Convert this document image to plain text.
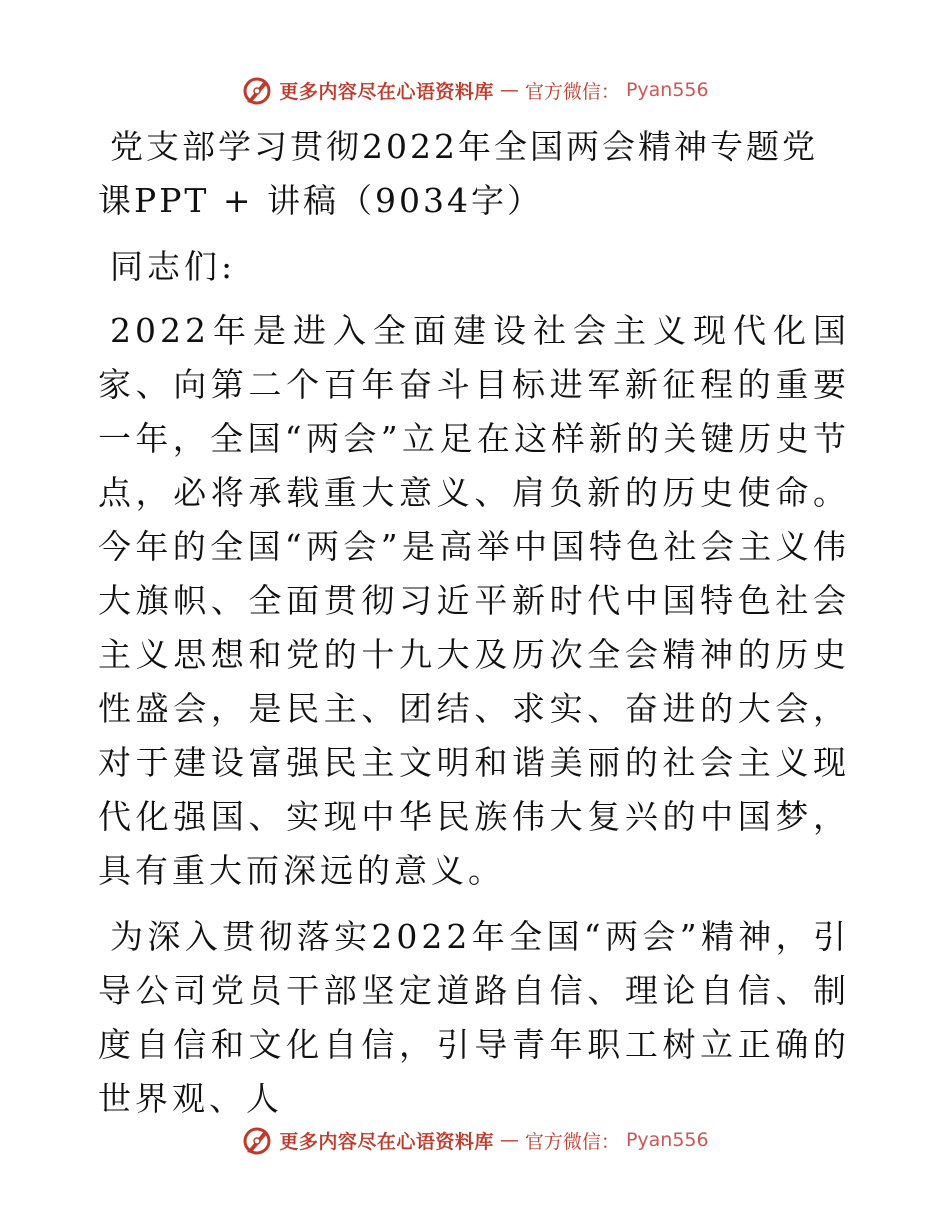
更多内容尽在心语资料库 — 官方微信： Pyan556
党支部学习贯彻2022年全国两会精神专题党课PPT + 讲稿（9034字）

同志们:

2022年是进入全面建设社会主义现代化国家、向第二个百年奋斗目标进军新征程的重要一年，全国“两会”立足在这样新的关键历史节点，必将承载重大意义、肩负新的历史使命。今年的全国“两会”是高举中国特色社会主义伟大旗帜、全面贯彻习近平新时代中国特色社会主义思想和党的十九大及历次全会精神的历史性盛会，是民主、团结、求实、奋进的大会，对于建设富强民主文明和谐美丽的社会主义现代化强国、实现中华民族伟大复兴的中国梦，具有重大而深远的意义。

为深入贯彻落实2022年全国“两会”精神，引导公司党员干部坚定道路自信、理论自信、制度自信和文化自信，引导青年职工树立正确的世界观、人

更多内容尽在心语资料库 — 官方微信： Pyan556
